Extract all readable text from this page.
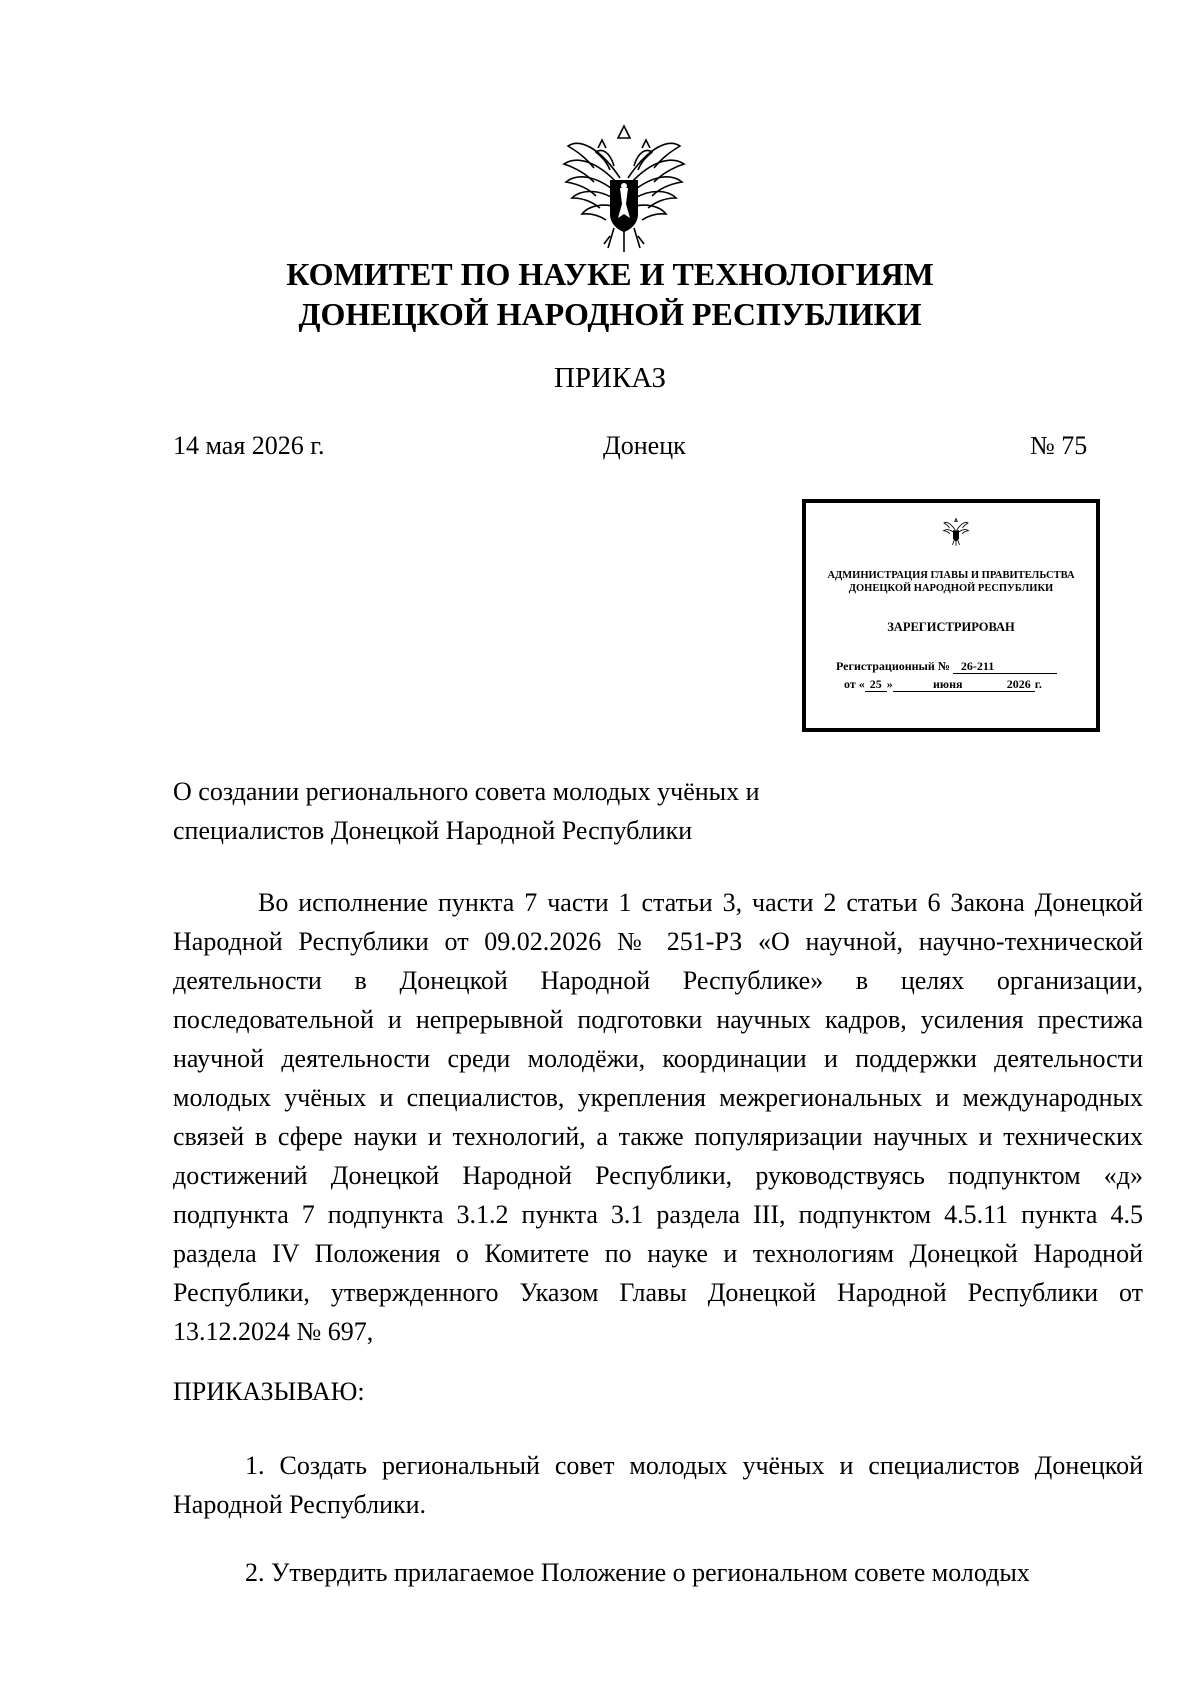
КОМИТЕТ ПО НАУКЕ И ТЕХНОЛОГИЯМ
ДОНЕЦКОЙ НАРОДНОЙ РЕСПУБЛИКИ
ПРИКАЗ
14 мая 2026 г.	Донецк	№ 75
АДМИНИСТРАЦИЯ ГЛАВЫ И ПРАВИТЕЛЬСТВА
ДОНЕЦКОЙ НАРОДНОЙ РЕСПУБЛИКИ
ЗАРЕГИСТРИРОВАН
Регистрационный № 26-211
от « 25 »	июня	2026 г.
О создании регионального совета молодых учёных и
специалистов Донецкой Народной Республики

Во исполнение пункта 7 части 1 статьи 3, части 2 статьи 6 Закона Донецкой Народной Республики от 09.02.2026 № 251-РЗ «О научной, научно-технической деятельности в Донецкой Народной Республике» в целях организации, последовательной и непрерывной подготовки научных кадров, усиления престижа научной деятельности среди молодёжи, координации и поддержки деятельности молодых учёных и специалистов, укрепления межрегиональных и международных связей в сфере науки и технологий, а также популяризации научных и технических достижений Донецкой Народной Республики, руководствуясь подпунктом «д» подпункта 7 подпункта 3.1.2 пункта 3.1 раздела III, подпунктом 4.5.11 пункта 4.5 раздела IV Положения о Комитете по науке и технологиям Донецкой Народной Республики, утвержденного Указом Главы Донецкой Народной Республики от 13.12.2024 № 697,

ПРИКАЗЫВАЮ:

1. Создать региональный совет молодых учёных и специалистов Донецкой Народной Республики.

2. Утвердить прилагаемое Положение о региональном совете молодых
